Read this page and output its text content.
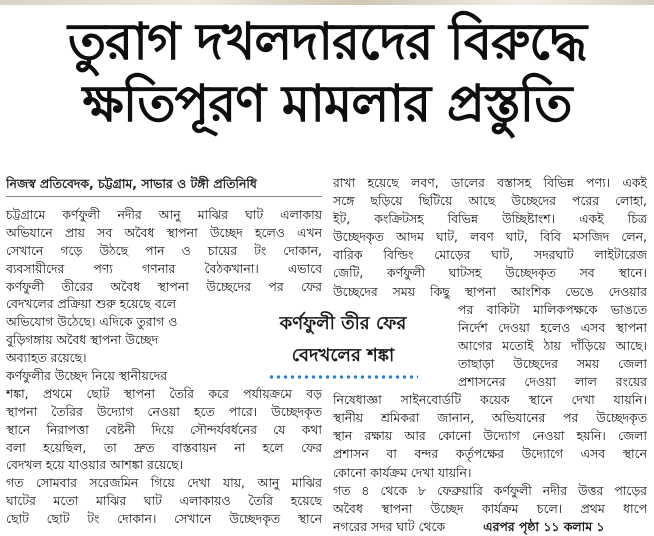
তুরাগ দখলদারদের বিরুদ্ধে
ক্ষতিপূরণ মামলার প্রস্তুতি
নিজস্ব প্রতিবেদক, চট্টগ্রাম, সাভার ও টঙ্গী প্রতিনিধি
চট্টগ্রামে কর্ণফুলী নদীর আনু মাঝির ঘাট এলাকায়
অভিযানে প্রায় সব অবৈধ স্থাপনা উচ্ছেদ হলেও এখন
সেখানে গড়ে উঠছে পান ও চায়ের টং দোকান,
ব্যবসায়ীদের পণ্য গণনার বৈঠকখানা। এভাবে
কর্ণফুলী তীরের অবৈধ স্থাপনা উচ্ছেদের পর ফের
বেদখলের প্রক্রিয়া শুরু হয়েছে বলে
অভিযোগ উঠেছে। এদিকে তুরাগ ও
বুড়িগঙ্গায় অবৈধ স্থাপনা উচ্ছেদ
অব্যাহত রয়েছে।
কর্ণফুলীর উচ্ছেদ নিয়ে স্থানীয়দের
শঙ্কা, প্রথমে ছোট স্থাপনা তৈরি করে পর্যায়ক্রমে বড়
স্থাপনা তৈরির উদ্যোগ নেওয়া হতে পারে। উচ্ছেদকৃত
স্থানে নিরাপত্তা বেষ্টনী দিয়ে সৌন্দর্যবর্ধনের যে কথা
বলা হয়েছিল, তা দ্রুত বাস্তবায়ন না হলে ফের
বেদখল হয়ে যাওয়ার আশঙ্কা রয়েছে।
গত সোমবার সরেজমিন গিয়ে দেখা যায়, আনু মাঝির
ঘাটের মতো মাঝির ঘাট এলাকায়ও তৈরি হয়েছে
ছোট ছোট টং দোকান। সেখানে উচ্ছেদকৃত স্থানে
রাখা হয়েছে লবণ, ডালের বস্তাসহ বিভিন্ন পণ্য। একই
সঙ্গে ছড়িয়ে ছিটিয়ে আছে উচ্ছেদের পরের লোহা,
ইট, কংক্রিটসহ বিভিন্ন উচ্ছিষ্টাংশ। একই চিত্র
উচ্ছেদকৃত আদম ঘাট, লবণ ঘাট, বিবি মসজিদ লেন,
বারিক বিল্ডিং মোড়ের ঘাট, সদরঘাট লাইটারেজ
জেটি, কর্ণফুলী ঘাটসহ উচ্ছেদকৃত সব স্থানে।
উচ্ছেদের সময় কিছু স্থাপনা আংশিক ভেঙে দেওয়ার
পর বাকিটা মালিকপক্ষকে ভাঙতে
নির্দেশ দেওয়া হলেও এসব স্থাপনা
আগের মতোই ঠায় দাঁড়িয়ে আছে।
তাছাড়া উচ্ছেদের সময় জেলা
প্রশাসনের দেওয়া লাল রংয়ের
নিষেধাজ্ঞা সাইনবোর্ডটি কয়েক স্থানে দেখা যায়নি।
স্থানীয় শ্রমিকরা জানান, অভিযানের পর উচ্ছেদকৃত
স্থান রক্ষায় আর কোনো উদ্যোগ নেওয়া হয়নি। জেলা
প্রশাসন বা বন্দর কর্তৃপক্ষের উদ্যোগে এসব স্থানে
কোনো কার্যক্রম দেখা যায়নি।
গত ৪ থেকে ৮ ফেব্রুয়ারি কর্ণফুলী নদীর উত্তর পাড়ের
অবৈধ স্থাপনা উচ্ছেদ কার্যক্রম চলে। প্রথম ধাপে
নগরের সদর ঘাট থেকে	এরপর পৃষ্ঠা ১১ কলাম ১
কর্ণফুলী তীর ফের
বেদখলের শঙ্কা
